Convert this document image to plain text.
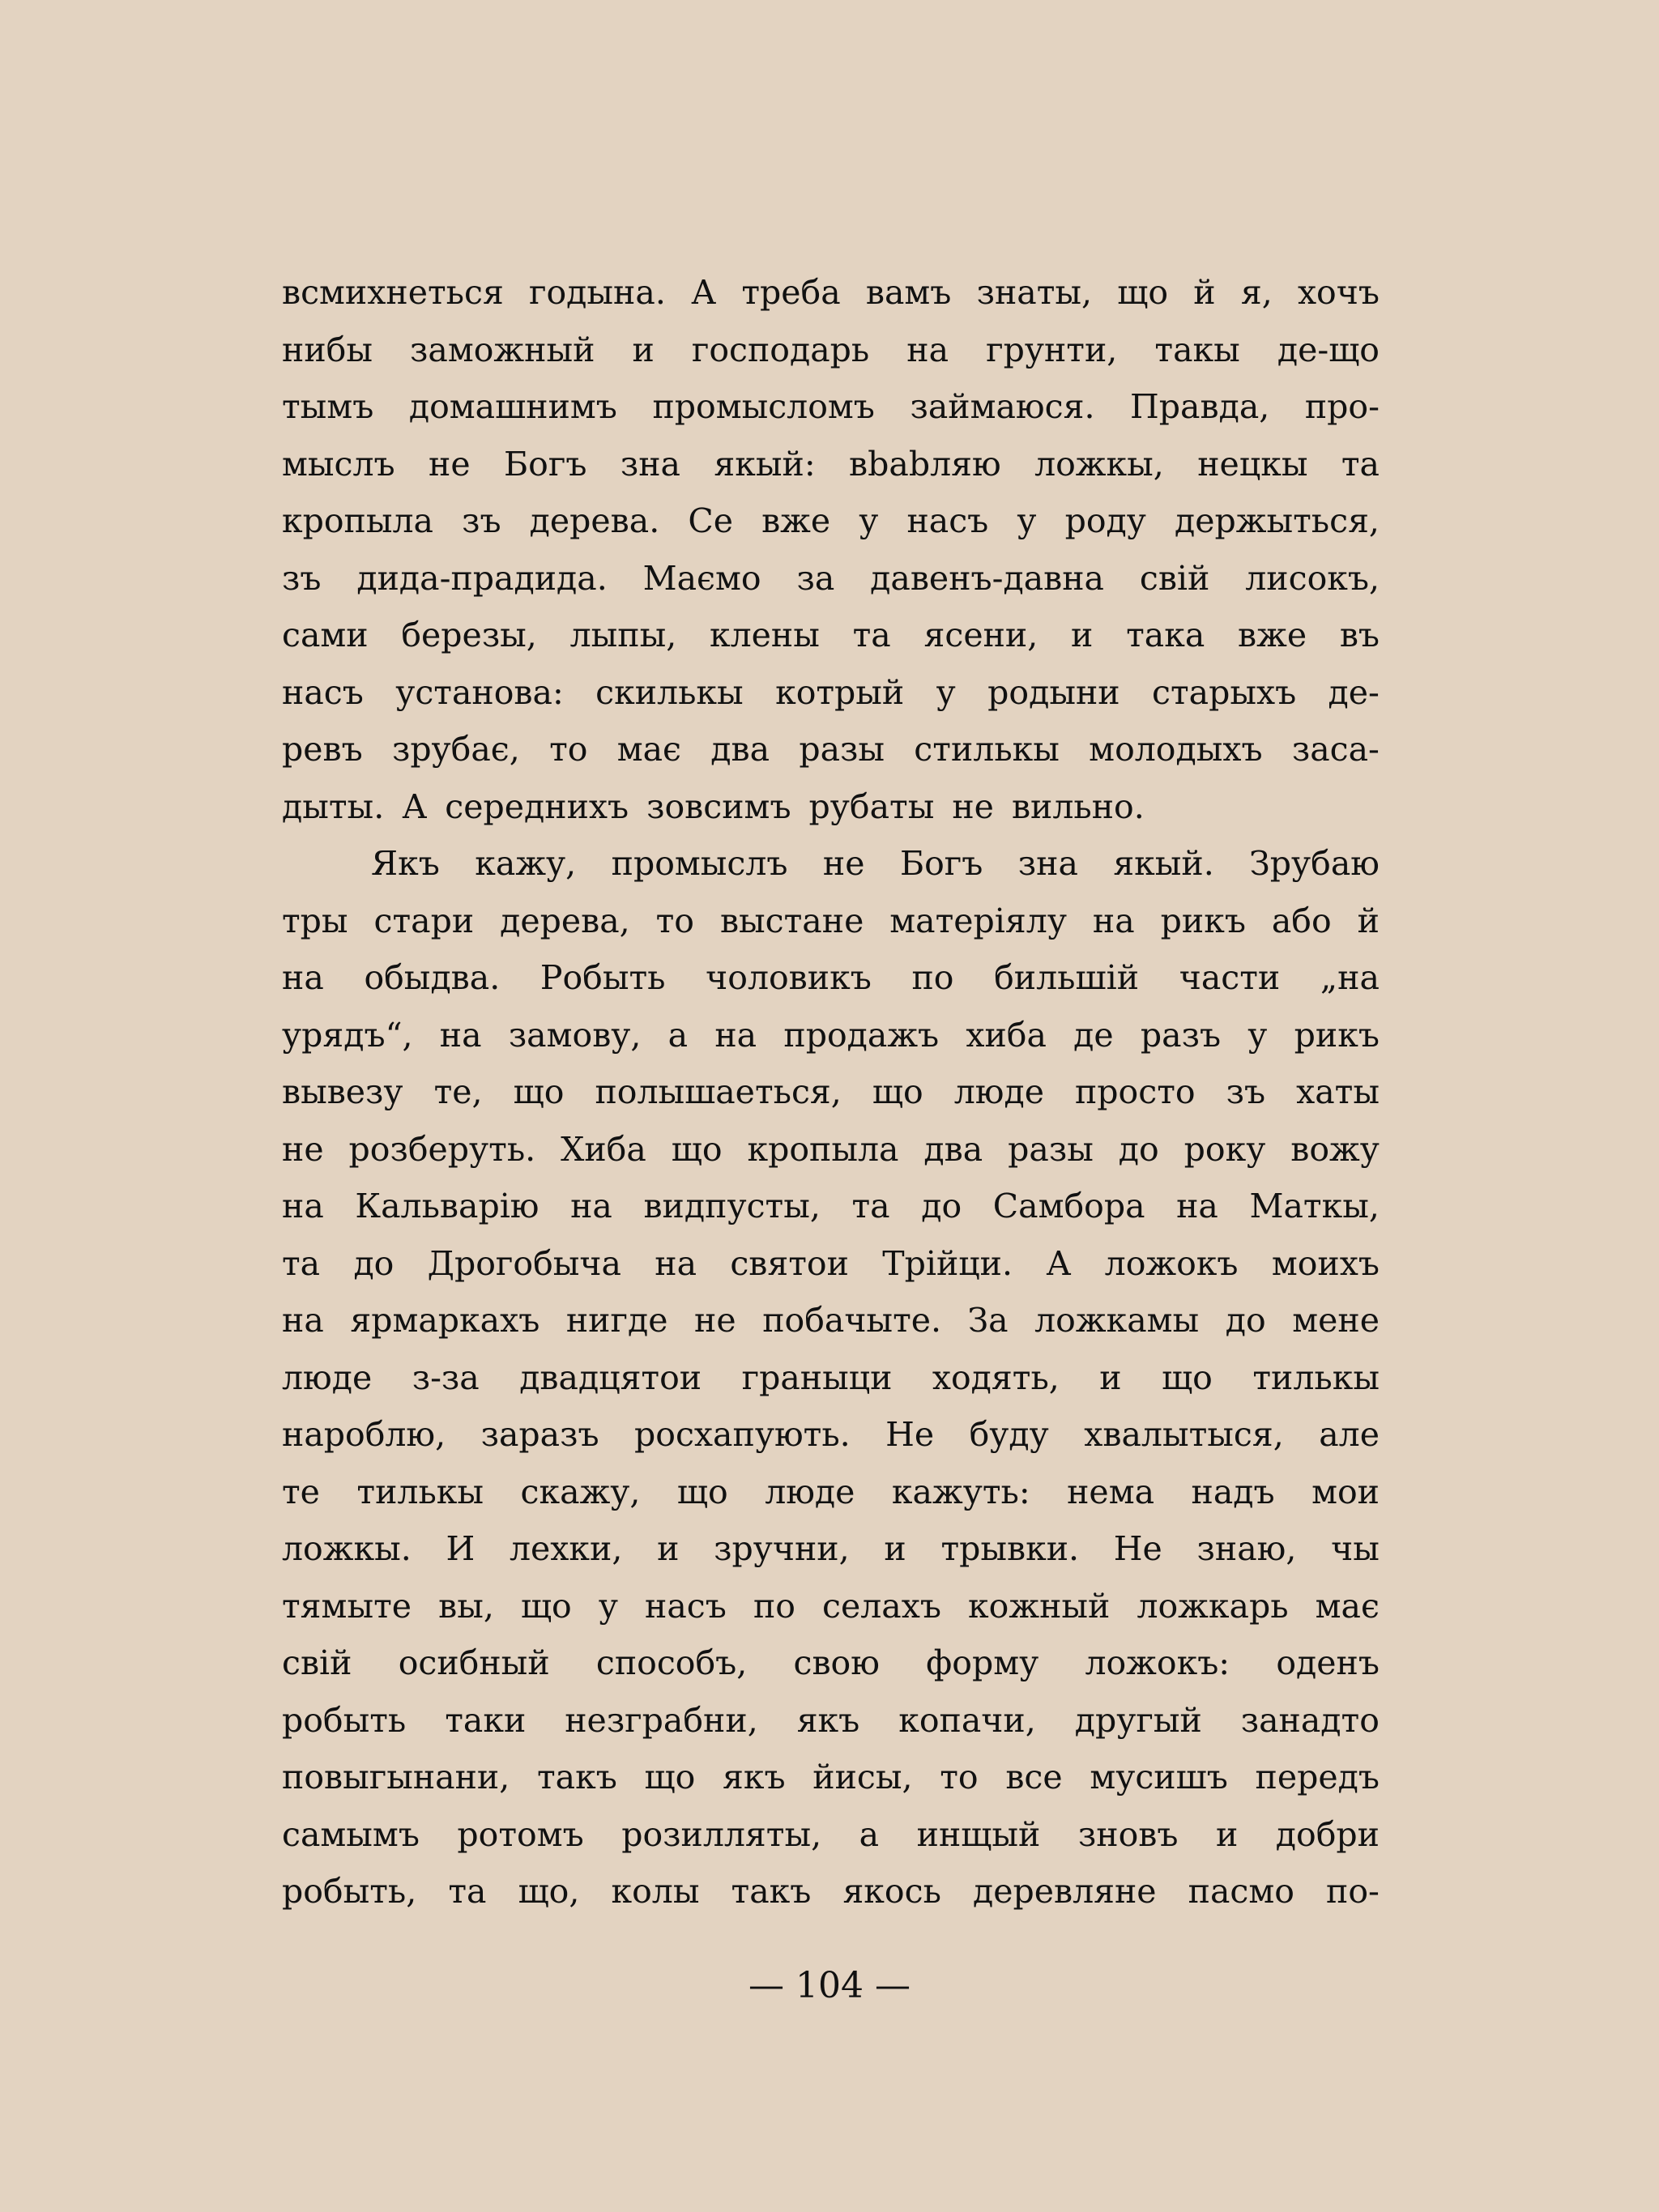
всмихнеться годына. А треба вамъ знаты, що й я, хочъ
нибы заможный и господарь на грунти, такы де-що
тымъ домашнимъ промысломъ займаюся. Правда, про-
мыслъ не Богъ зна якый: вbabляю ложкы, нецкы та
кропыла зъ дерева. Се вже у насъ у роду держыться,
зъ дида-прадида. Маємо за давенъ-давна свій лисокъ,
сами березы, лыпы, клены та ясени, и така вже въ
насъ установа: скилькы котрый у родыни старыхъ де-
ревъ зрубає, то має два разы стилькы молодыхъ заса-
дыты. А середнихъ зовсимъ рубаты не вильно.
Якъ кажу, промыслъ не Богъ зна якый. Зрубаю
тры стари дерева, то выстане матеріялу на рикъ або й
на обыдва. Робыть чоловикъ по бильшій части „на
урядъ“, на замову, а на продажъ хиба де разъ у рикъ
вывезу те, що полышаеться, що люде просто зъ хаты
не розберуть. Хиба що кропыла два разы до року вожу
на Кальварію на видпусты, та до Самбора на Маткы,
та до Дрогобыча на святои Трійци. А ложокъ моихъ
на ярмаркахъ нигде не побачыте. За ложкамы до мене
люде з-за двадцятои граныци ходять, и що тилькы
нароблю, заразъ росхапують. Не буду хвалытыся, але
те тилькы скажу, що люде кажуть: нема надъ мои
ложкы. И лехки, и зручни, и трывки. Не знаю, чы
тямыте вы, що у насъ по селахъ кожный ложкарь має
свій осибный способъ, свою форму ложокъ: оденъ
робыть таки незграбни, якъ копачи, другый занадто
повыгынани, такъ що якъ йисы, то все мусишъ передъ
самымъ ротомъ розилляты, а инщый зновъ и добри
робыть, та що, колы такъ якось деревляне пасмо по-
— 104 —
